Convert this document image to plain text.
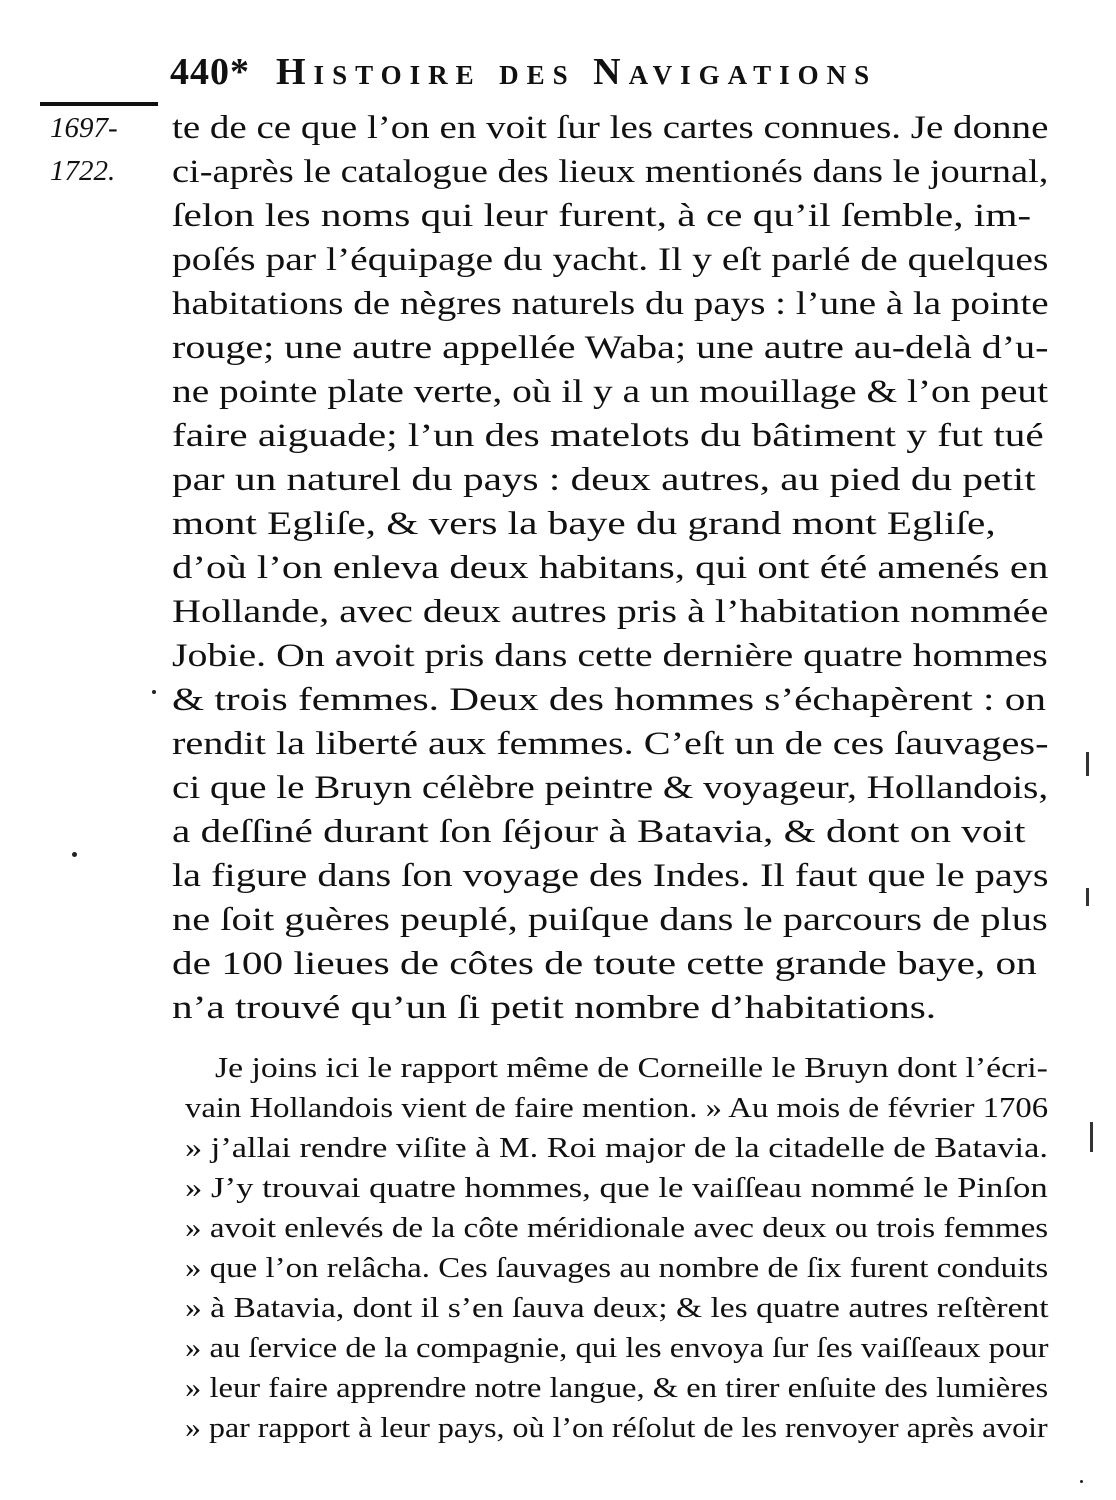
440* Histoire des Navigations
1697-
1722.
te de ce que l’on en voit ſur les cartes connues. Je donne
ci-après le catalogue des lieux mentionés dans le journal,
ſelon les noms qui leur furent, à ce qu’il ſemble, im-
poſés par l’équipage du yacht. Il y eſt parlé de quelques
habitations de nègres naturels du pays : l’une à la pointe
rouge; une autre appellée Waba; une autre au-delà d’u-
ne pointe plate verte, où il y a un mouillage & l’on peut
faire aiguade; l’un des matelots du bâtiment y fut tué
par un naturel du pays : deux autres, au pied du petit
mont Egliſe, & vers la baye du grand mont Egliſe,
d’où l’on enleva deux habitans, qui ont été amenés en
Hollande, avec deux autres pris à l’habitation nommée
Jobie. On avoit pris dans cette dernière quatre hommes
& trois femmes. Deux des hommes s’échapèrent : on
rendit la liberté aux femmes. C’eſt un de ces ſauvages-
ci que le Bruyn célèbre peintre & voyageur, Hollandois,
a deſſiné durant ſon ſéjour à Batavia, & dont on voit
la figure dans ſon voyage des Indes. Il faut que le pays
ne ſoit guères peuplé, puiſque dans le parcours de plus
de 100 lieues de côtes de toute cette grande baye, on
n’a trouvé qu’un ſi petit nombre d’habitations.
Je joins ici le rapport même de Corneille le Bruyn dont l’écri-
vain Hollandois vient de faire mention. » Au mois de février 1706
» j’allai rendre viſite à M. Roi major de la citadelle de Batavia.
» J’y trouvai quatre hommes, que le vaiſſeau nommé le Pinſon
» avoit enlevés de la côte méridionale avec deux ou trois femmes
» que l’on relâcha. Ces ſauvages au nombre de ſix furent conduits
» à Batavia, dont il s’en ſauva deux; & les quatre autres reſtèrent
» au ſervice de la compagnie, qui les envoya ſur ſes vaiſſeaux pour
» leur faire apprendre notre langue, & en tirer enſuite des lumières
» par rapport à leur pays, où l’on réſolut de les renvoyer après avoir
